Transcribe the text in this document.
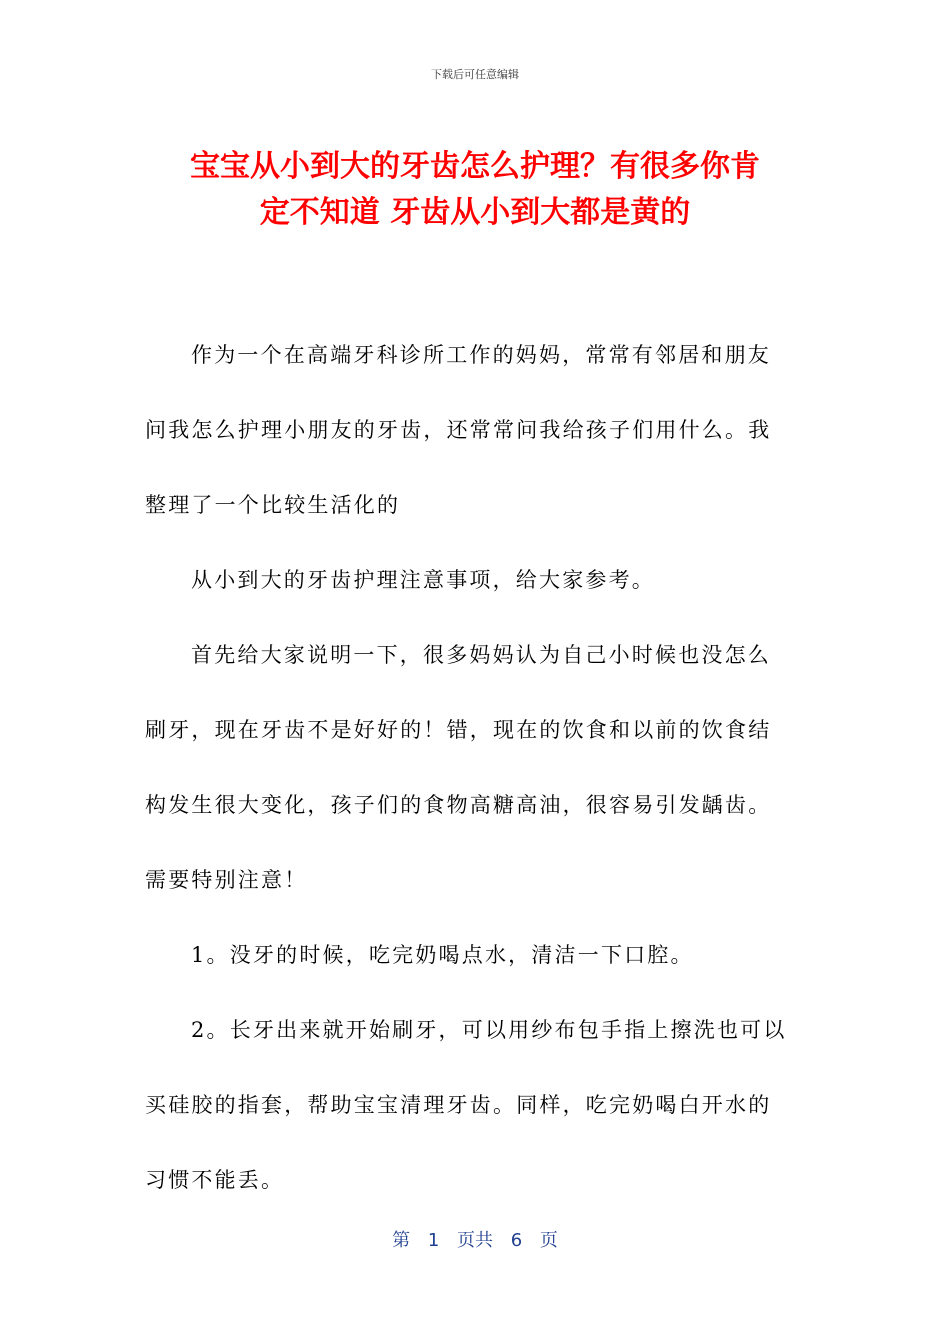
下载后可任意编辑
宝宝从小到大的牙齿怎么护理？有很多你肯
定不知道 牙齿从小到大都是黄的
作为一个在高端牙科诊所工作的妈妈，常常有邻居和朋友
问我怎么护理小朋友的牙齿，还常常问我给孩子们用什么。我
整理了一个比较生活化的
从小到大的牙齿护理注意事项，给大家参考。
首先给大家说明一下，很多妈妈认为自己小时候也没怎么
刷牙，现在牙齿不是好好的！错，现在的饮食和以前的饮食结
构发生很大变化，孩子们的食物高糖高油，很容易引发龋齿。
需要特别注意！
1。没牙的时候，吃完奶喝点水，清洁一下口腔。
2。长牙出来就开始刷牙，可以用纱布包手指上擦洗也可以
买硅胶的指套，帮助宝宝清理牙齿。同样，吃完奶喝白开水的
习惯不能丢。
第 1 页共 6 页
